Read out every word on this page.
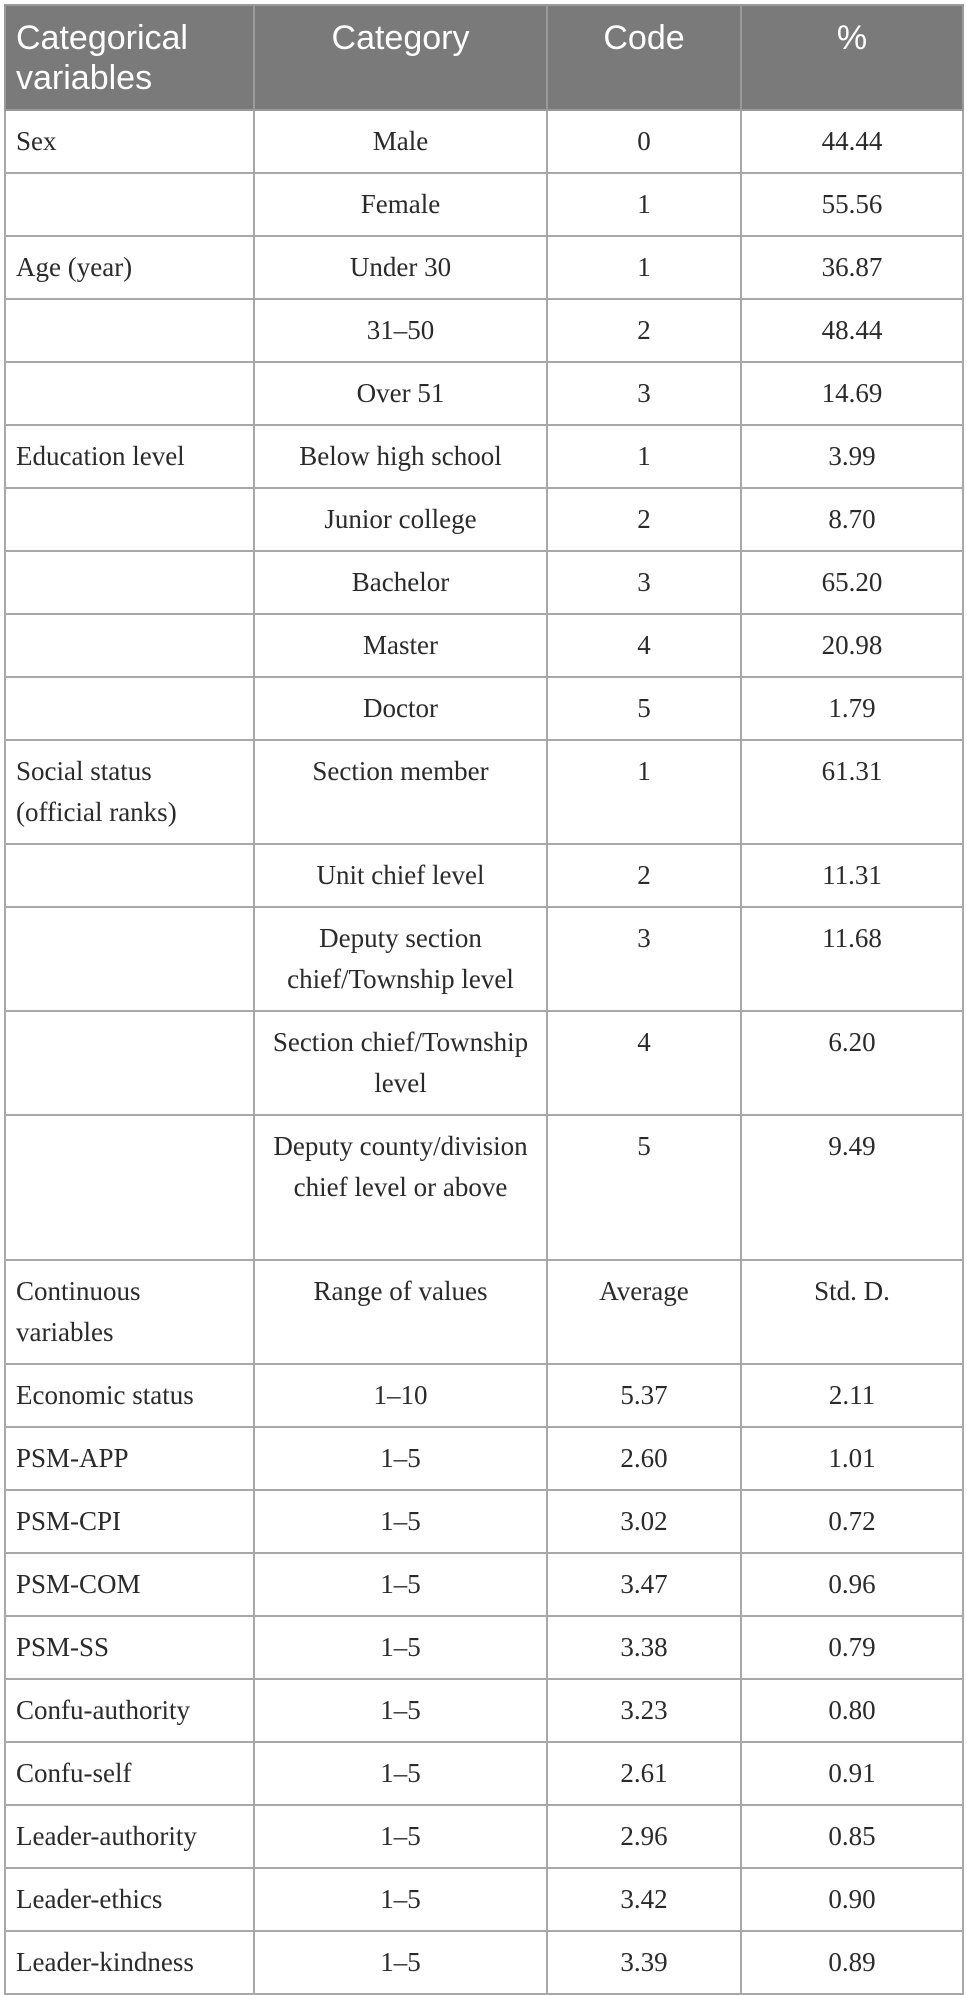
Categorical variables	Category	Code	%
Sex	Male	0	44.44
	Female	1	55.56
Age (year)	Under 30	1	36.87
	31–50	2	48.44
	Over 51	3	14.69
Education level	Below high school	1	3.99
	Junior college	2	8.70
	Bachelor	3	65.20
	Master	4	20.98
	Doctor	5	1.79
Social status (official ranks)	Section member	1	61.31
	Unit chief level	2	11.31
	Deputy section chief/Township level	3	11.68
	Section chief/Township level	4	6.20
	Deputy county/division chief level or above	5	9.49
Continuous variables	Range of values	Average	Std. D.
Economic status	1–10	5.37	2.11
PSM-APP	1–5	2.60	1.01
PSM-CPI	1–5	3.02	0.72
PSM-COM	1–5	3.47	0.96
PSM-SS	1–5	3.38	0.79
Confu-authority	1–5	3.23	0.80
Confu-self	1–5	2.61	0.91
Leader-authority	1–5	2.96	0.85
Leader-ethics	1–5	3.42	0.90
Leader-kindness	1–5	3.39	0.89
